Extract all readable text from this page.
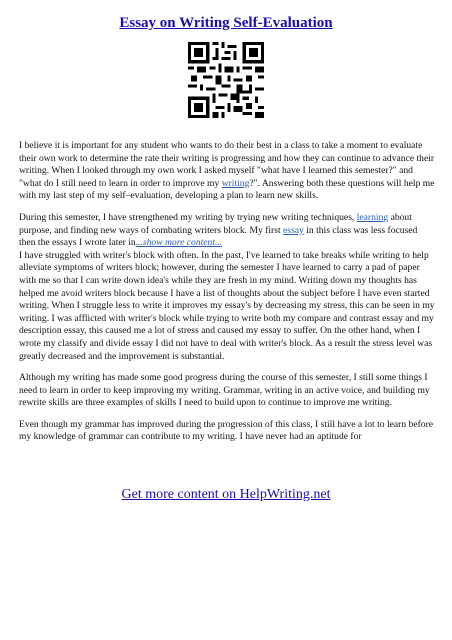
Essay on Writing Self-Evaluation

I believe it is important for any student who wants to do their best in a class to take a moment to evaluate their own work to determine the rate their writing is progressing and how they can continue to advance their writing. When I looked through my own work I asked myself "what have I learned this semester?" and "what do I still need to learn in order to improve my writing?". Answering both these questions will help me with my last step of my self–evaluation, developing a plan to learn new skills.

During this semester, I have strengthened my writing by trying new writing techniques, learning about purpose, and finding new ways of combating writers block. My first essay in this class was less focused then the essays I wrote later in...show more content...

I have struggled with writer's block with often. In the past, I've learned to take breaks while writing to help alleviate symptoms of writers block; however, during the semester I have learned to carry a pad of paper with me so that I can write down idea's while they are fresh in my mind. Writing down my thoughts has helped me avoid writers block because I have a list of thoughts about the subject before I have even started writing. When I struggle less to write it improves my essay's by decreasing my stress, this can be seen in my writing. I was afflicted with writer's block while trying to write both my compare and contrast essay and my description essay, this caused me a lot of stress and caused my essay to suffer. On the other hand, when I wrote my classify and divide essay I did not have to deal with writer's block. As a result the stress level was greatly decreased and the improvement is substantial.

Although my writing has made some good progress during the course of this semester, I still some things I need to learn in order to keep improving my writing. Grammar, writing in an active voice, and building my rewrite skills are three examples of skills I need to build upon to continue to improve me writing.

Even though my grammar has improved during the progression of this class, I still have a lot to learn before my knowledge of grammar can contribute to my writing. I have never had an aptitude for

Get more content on HelpWriting.net
